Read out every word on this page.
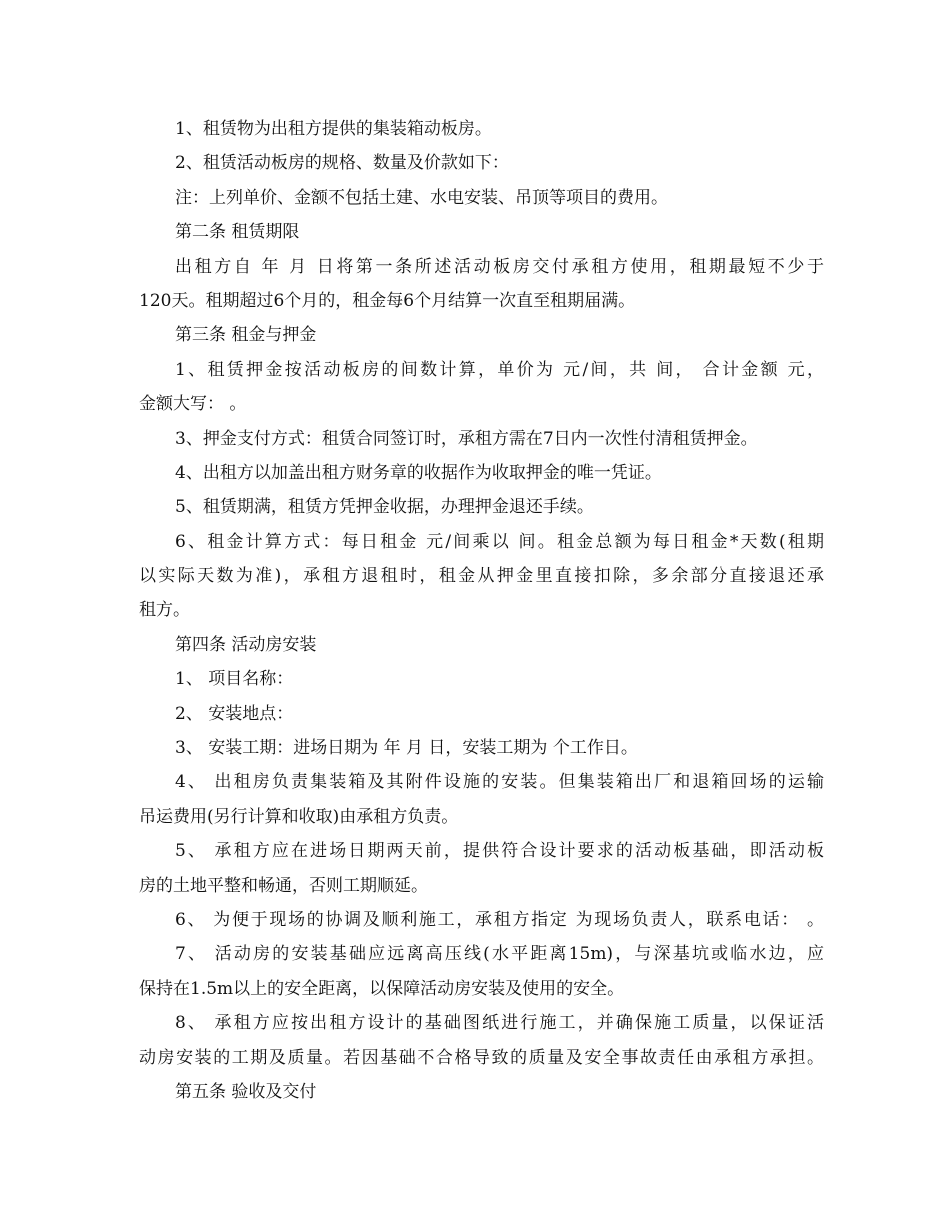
1、租赁物为出租方提供的集装箱动板房。
2、租赁活动板房的规格、数量及价款如下：
注：上列单价、金额不包括土建、水电安装、吊顶等项目的费用。
第二条 租赁期限
出租方自 年 月 日将第一条所述活动板房交付承租方使用，租期最短不少于
120天。租期超过6个月的，租金每6个月结算一次直至租期届满。
第三条 租金与押金
1、租赁押金按活动板房的间数计算，单价为 元/间，共 间， 合计金额 元，
金额大写： 。
3、押金支付方式：租赁合同签订时，承租方需在7日内一次性付清租赁押金。
4、出租方以加盖出租方财务章的收据作为收取押金的唯一凭证。
5、租赁期满，租赁方凭押金收据，办理押金退还手续。
6、租金计算方式：每日租金 元/间乘以 间。租金总额为每日租金*天数(租期
以实际天数为准)，承租方退租时，租金从押金里直接扣除，多余部分直接退还承
租方。
第四条 活动房安装
1、 项目名称：
2、 安装地点：
3、 安装工期：进场日期为 年 月 日，安装工期为 个工作日。
4、 出租房负责集装箱及其附件设施的安装。但集装箱出厂和退箱回场的运输
吊运费用(另行计算和收取)由承租方负责。
5、 承租方应在进场日期两天前，提供符合设计要求的活动板基础，即活动板
房的土地平整和畅通，否则工期顺延。
6、 为便于现场的协调及顺利施工，承租方指定 为现场负责人，联系电话： 。
7、 活动房的安装基础应远离高压线(水平距离15m)，与深基坑或临水边，应
保持在1.5m以上的安全距离，以保障活动房安装及使用的安全。
8、 承租方应按出租方设计的基础图纸进行施工，并确保施工质量，以保证活
动房安装的工期及质量。若因基础不合格导致的质量及安全事故责任由承租方承担。
第五条 验收及交付
